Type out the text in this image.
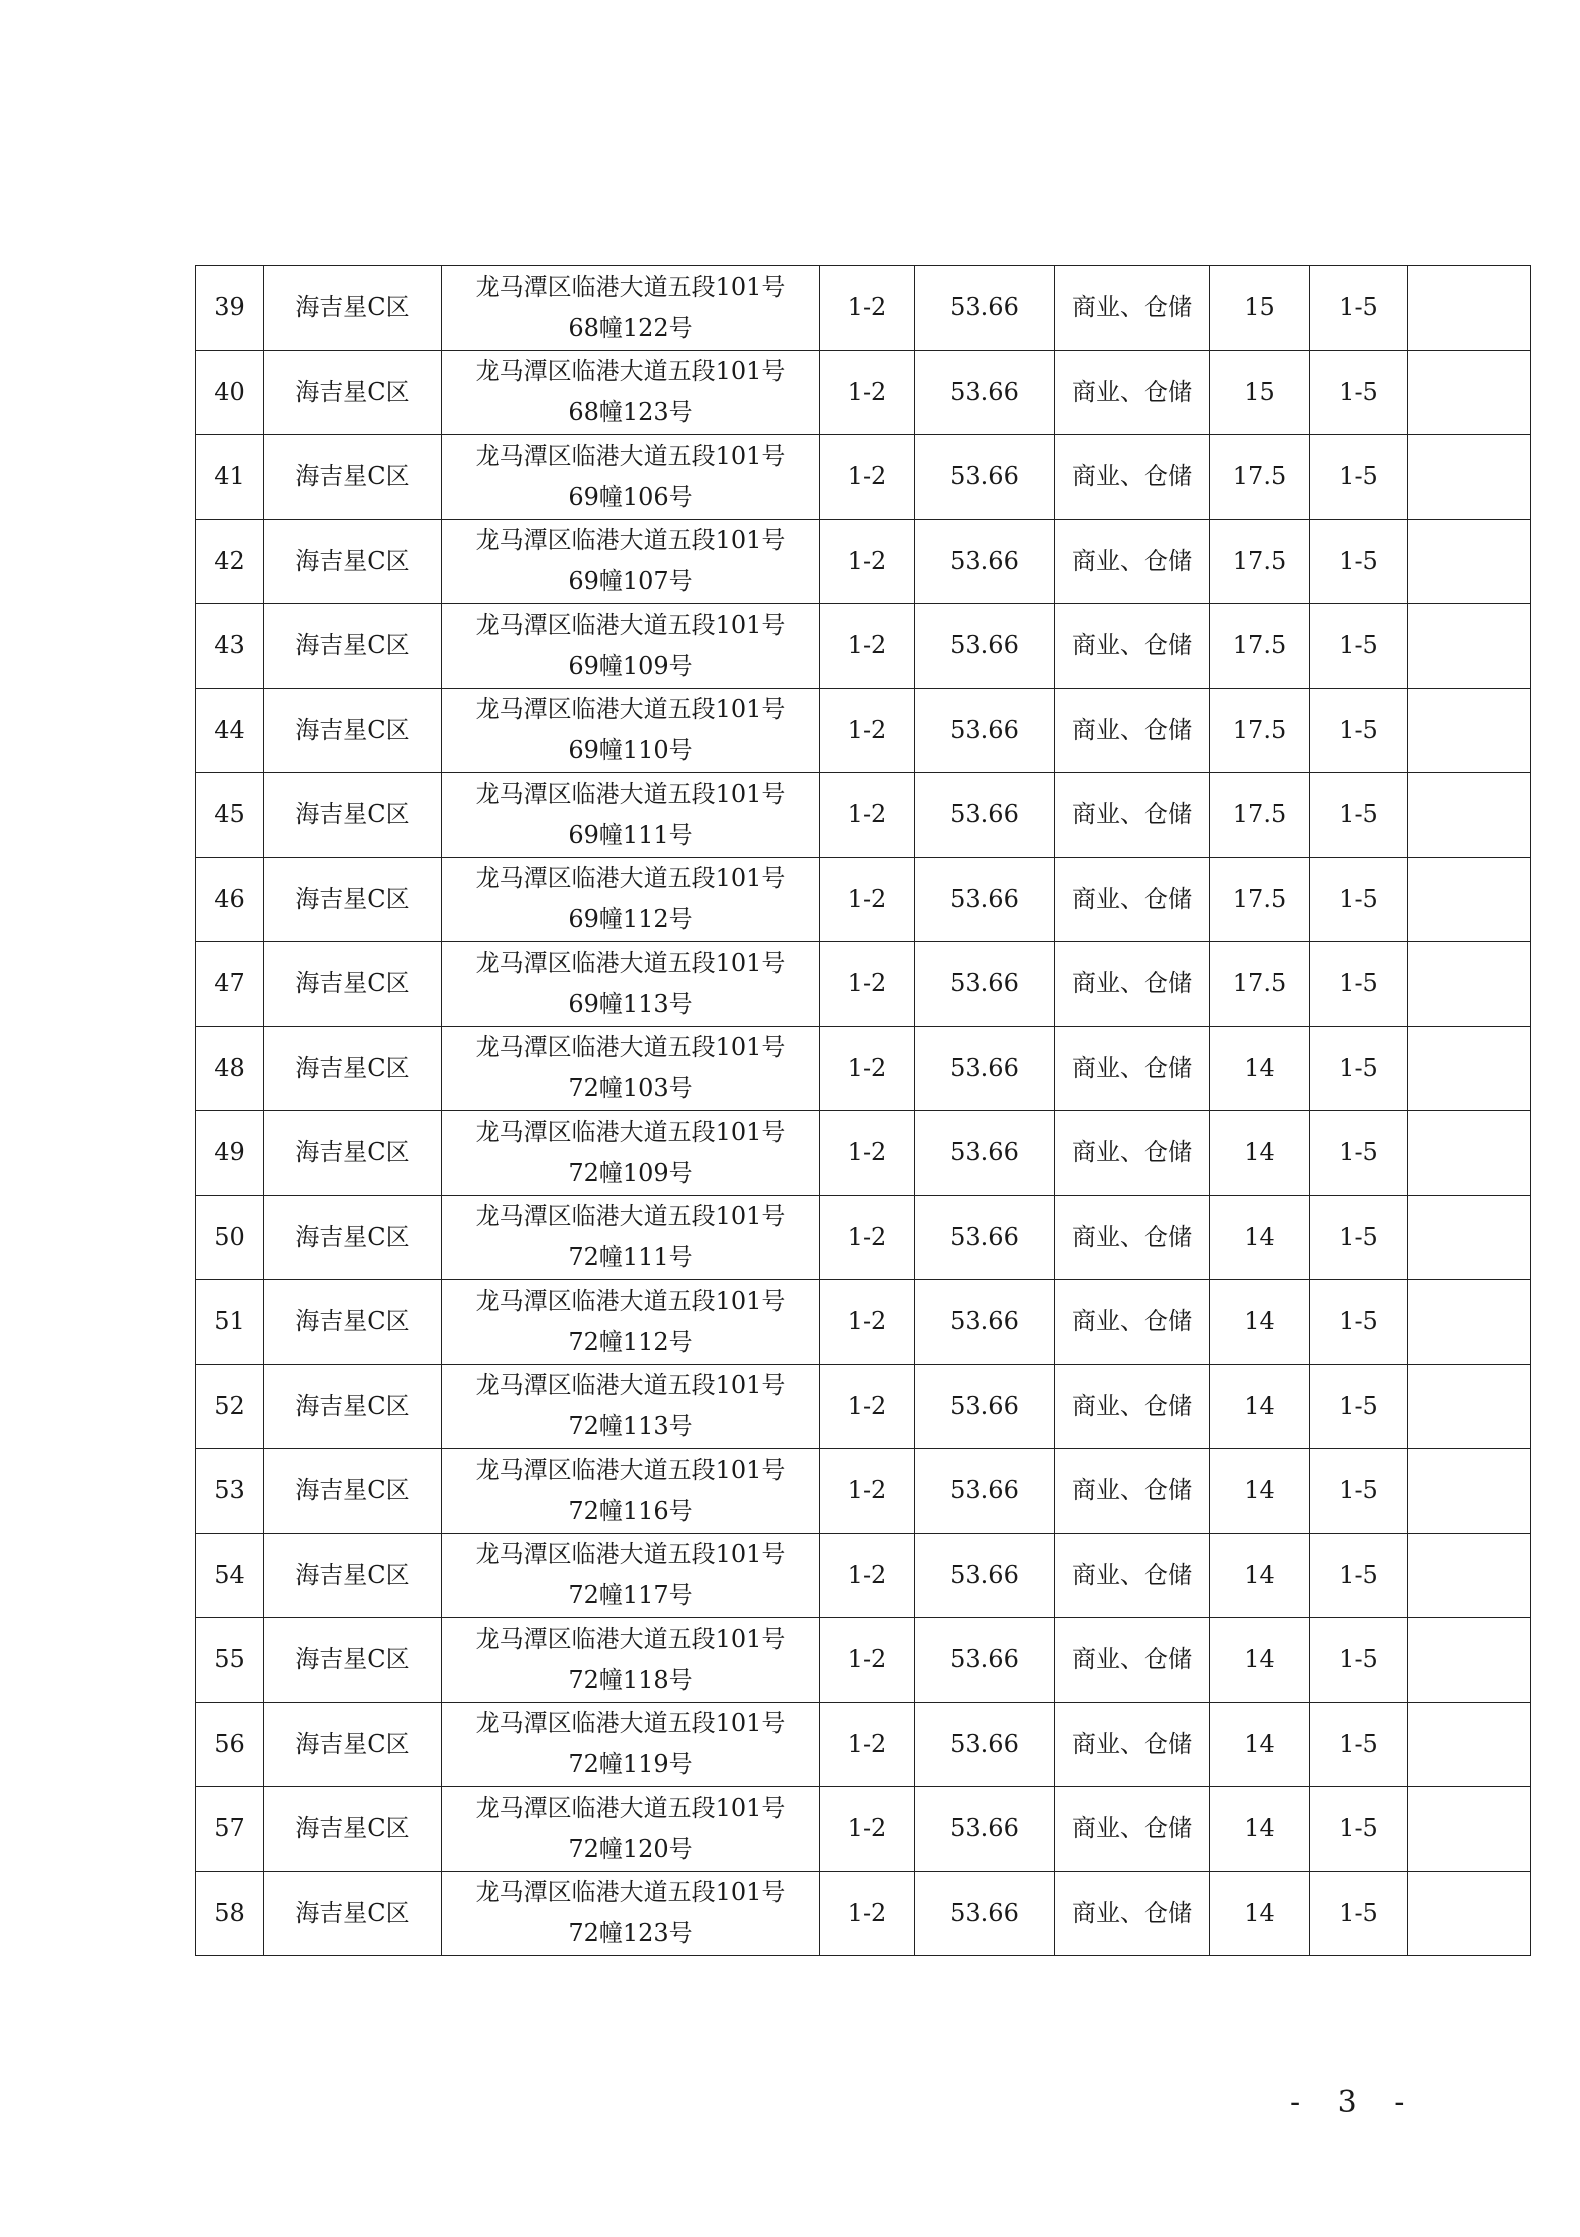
39	海吉星C区	龙马潭区临港大道五段101号
68幢122号	1-2	53.66	商业、仓储	15	1-5	
40	海吉星C区	龙马潭区临港大道五段101号
68幢123号	1-2	53.66	商业、仓储	15	1-5	
41	海吉星C区	龙马潭区临港大道五段101号
69幢106号	1-2	53.66	商业、仓储	17.5	1-5	
42	海吉星C区	龙马潭区临港大道五段101号
69幢107号	1-2	53.66	商业、仓储	17.5	1-5	
43	海吉星C区	龙马潭区临港大道五段101号
69幢109号	1-2	53.66	商业、仓储	17.5	1-5	
44	海吉星C区	龙马潭区临港大道五段101号
69幢110号	1-2	53.66	商业、仓储	17.5	1-5	
45	海吉星C区	龙马潭区临港大道五段101号
69幢111号	1-2	53.66	商业、仓储	17.5	1-5	
46	海吉星C区	龙马潭区临港大道五段101号
69幢112号	1-2	53.66	商业、仓储	17.5	1-5	
47	海吉星C区	龙马潭区临港大道五段101号
69幢113号	1-2	53.66	商业、仓储	17.5	1-5	
48	海吉星C区	龙马潭区临港大道五段101号
72幢103号	1-2	53.66	商业、仓储	14	1-5	
49	海吉星C区	龙马潭区临港大道五段101号
72幢109号	1-2	53.66	商业、仓储	14	1-5	
50	海吉星C区	龙马潭区临港大道五段101号
72幢111号	1-2	53.66	商业、仓储	14	1-5	
51	海吉星C区	龙马潭区临港大道五段101号
72幢112号	1-2	53.66	商业、仓储	14	1-5	
52	海吉星C区	龙马潭区临港大道五段101号
72幢113号	1-2	53.66	商业、仓储	14	1-5	
53	海吉星C区	龙马潭区临港大道五段101号
72幢116号	1-2	53.66	商业、仓储	14	1-5	
54	海吉星C区	龙马潭区临港大道五段101号
72幢117号	1-2	53.66	商业、仓储	14	1-5	
55	海吉星C区	龙马潭区临港大道五段101号
72幢118号	1-2	53.66	商业、仓储	14	1-5	
56	海吉星C区	龙马潭区临港大道五段101号
72幢119号	1-2	53.66	商业、仓储	14	1-5	
57	海吉星C区	龙马潭区临港大道五段101号
72幢120号	1-2	53.66	商业、仓储	14	1-5	
58	海吉星C区	龙马潭区临港大道五段101号
72幢123号	1-2	53.66	商业、仓储	14	1-5	
- 3 -
